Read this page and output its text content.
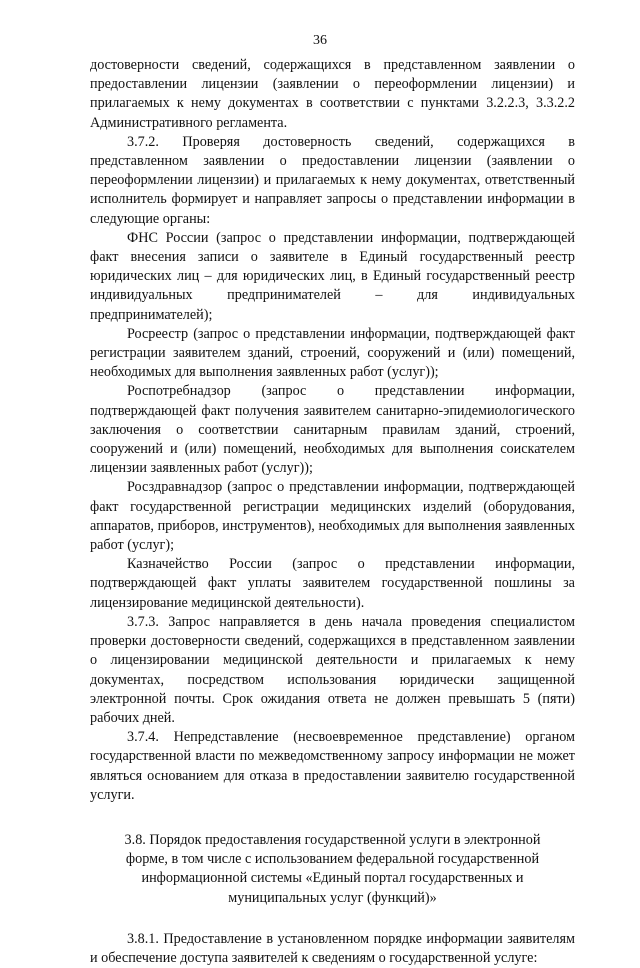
36

достоверности сведений, содержащихся в представленном заявлении о предоставлении лицензии (заявлении о переоформлении лицензии) и прилагаемых к нему документах в соответствии с пунктами 3.2.2.3, 3.3.2.2 Административного регламента.

3.7.2. Проверяя достоверность сведений, содержащихся в представленном заявлении о предоставлении лицензии (заявлении о переоформлении лицензии) и прилагаемых к нему документах, ответственный исполнитель формирует и направляет запросы о представлении информации в следующие органы:

ФНС России (запрос о представлении информации, подтверждающей факт внесения записи о заявителе в Единый государственный реестр юридических лиц – для юридических лиц, в Единый государственный реестр индивидуальных предпринимателей – для индивидуальных предпринимателей);

Росреестр (запрос о представлении информации, подтверждающей факт регистрации заявителем зданий, строений, сооружений и (или) помещений, необходимых для выполнения заявленных работ (услуг));

Роспотребнадзор (запрос о представлении информации, подтверждающей факт получения заявителем санитарно-эпидемиологического заключения о соответствии санитарным правилам зданий, строений, сооружений и (или) помещений, необходимых для выполнения соискателем лицензии заявленных работ (услуг));

Росздравнадзор (запрос о представлении информации, подтверждающей факт государственной регистрации медицинских изделий (оборудования, аппаратов, приборов, инструментов), необходимых для выполнения заявленных работ (услуг);

Казначейство России (запрос о представлении информации, подтверждающей факт уплаты заявителем государственной пошлины за лицензирование медицинской деятельности).

3.7.3. Запрос направляется в день начала проведения специалистом проверки достоверности сведений, содержащихся в представленном заявлении о лицензировании медицинской деятельности и прилагаемых к нему документах, посредством использования юридически защищенной электронной почты. Срок ожидания ответа не должен превышать 5 (пяти) рабочих дней.

3.7.4. Непредставление (несвоевременное представление) органом государственной власти по межведомственному запросу информации не может являться основанием для отказа в предоставлении заявителю государственной услуги.

3.8. Порядок предоставления государственной услуги в электронной форме, в том числе с использованием федеральной государственной информационной системы «Единый портал государственных и муниципальных услуг (функций)»

3.8.1. Предоставление в установленном порядке информации заявителям и обеспечение доступа заявителей к сведениям о государственной услуге:
